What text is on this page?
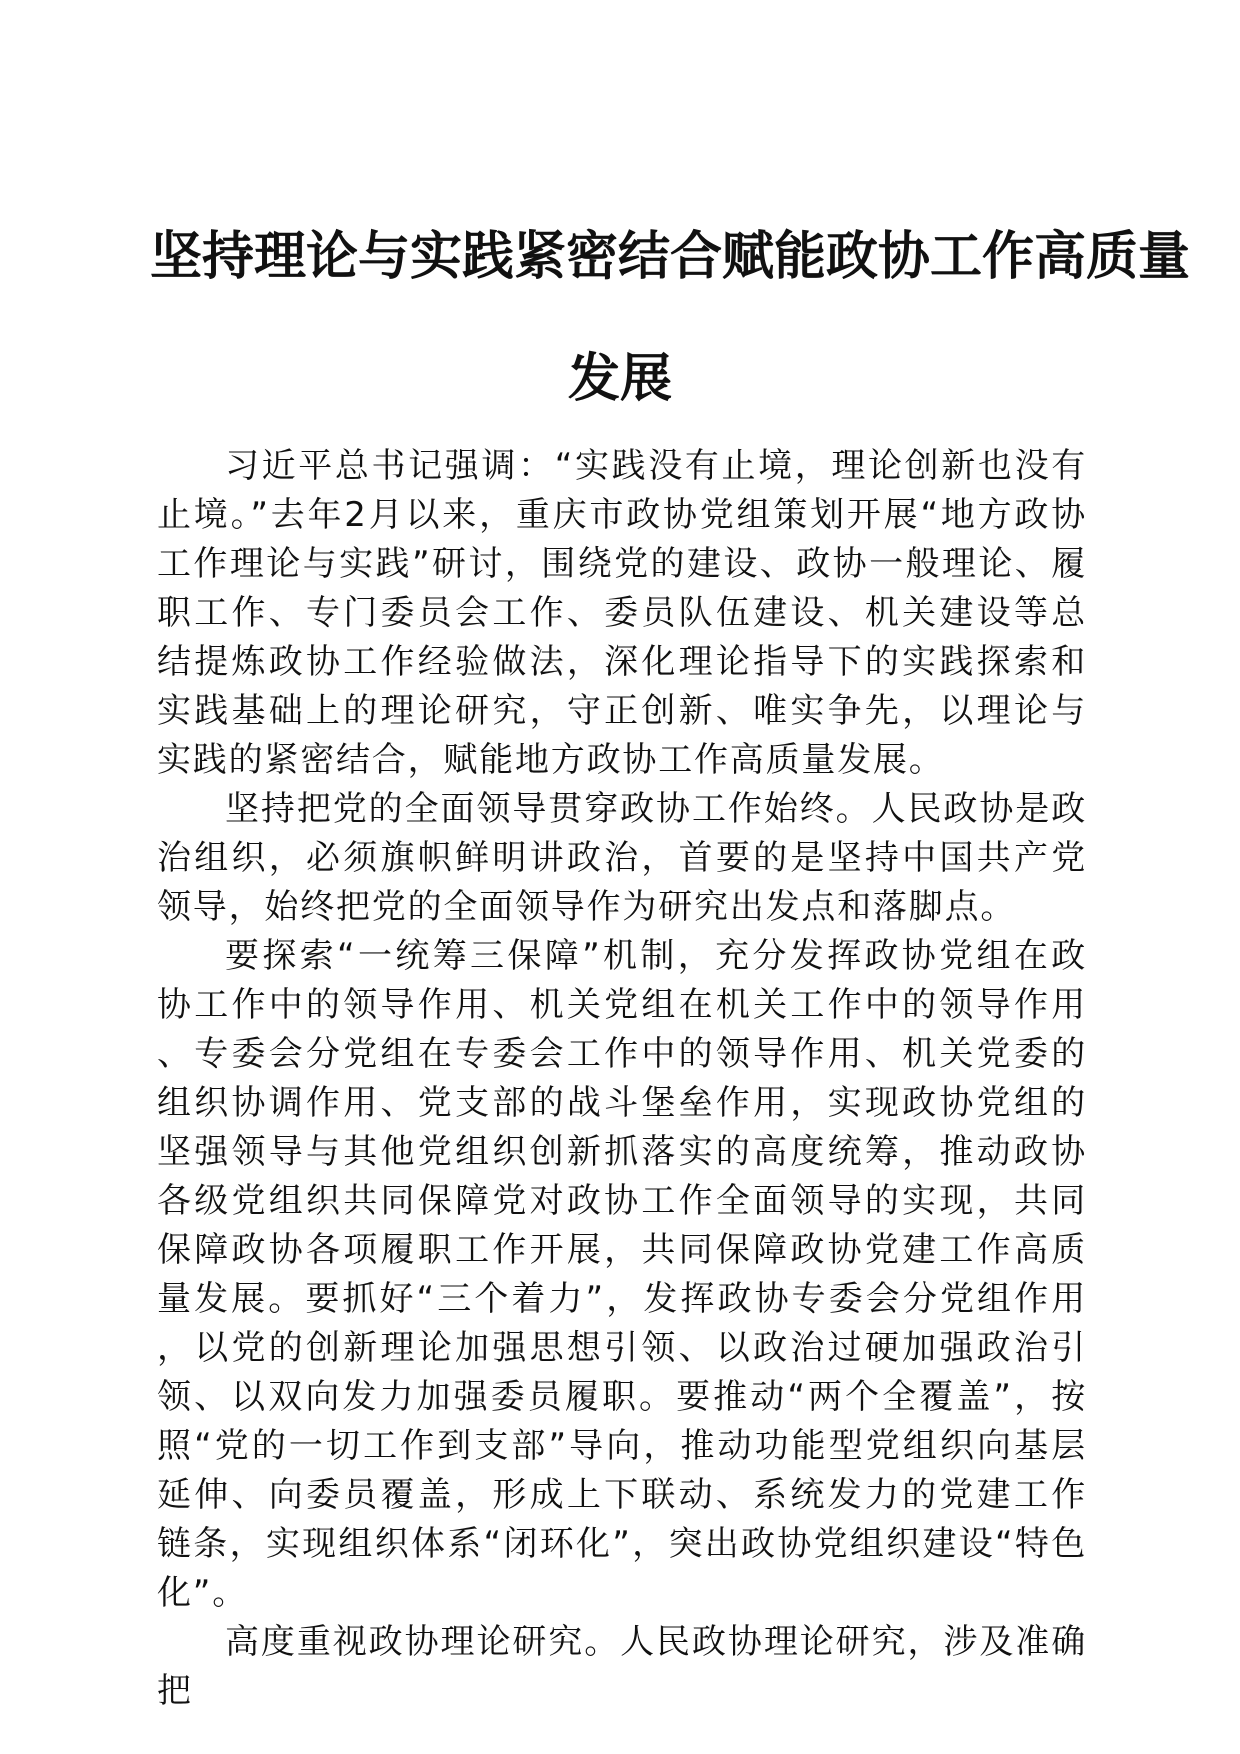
坚持理论与实践紧密结合赋能政协工作高质量
发展

习近平总书记强调：“实践没有止境，理论创新也没有止境。”去年2月以来，重庆市政协党组策划开展“地方政协工作理论与实践”研讨，围绕党的建设、政协一般理论、履职工作、专门委员会工作、委员队伍建设、机关建设等总结提炼政协工作经验做法，深化理论指导下的实践探索和实践基础上的理论研究，守正创新、唯实争先，以理论与实践的紧密结合，赋能地方政协工作高质量发展。

坚持把党的全面领导贯穿政协工作始终。人民政协是政治组织，必须旗帜鲜明讲政治，首要的是坚持中国共产党领导，始终把党的全面领导作为研究出发点和落脚点。

要探索“一统筹三保障”机制，充分发挥政协党组在政协工作中的领导作用、机关党组在机关工作中的领导作用、专委会分党组在专委会工作中的领导作用、机关党委的组织协调作用、党支部的战斗堡垒作用，实现政协党组的坚强领导与其他党组织创新抓落实的高度统筹，推动政协各级党组织共同保障党对政协工作全面领导的实现，共同保障政协各项履职工作开展，共同保障政协党建工作高质量发展。要抓好“三个着力”，发挥政协专委会分党组作用，以党的创新理论加强思想引领、以政治过硬加强政治引领、以双向发力加强委员履职。要推动“两个全覆盖”，按照“党的一切工作到支部”导向，推动功能型党组织向基层延伸、向委员覆盖，形成上下联动、系统发力的党建工作链条，实现组织体系“闭环化”，突出政协党组织建设“特色化”。

高度重视政协理论研究。人民政协理论研究，涉及准确把
